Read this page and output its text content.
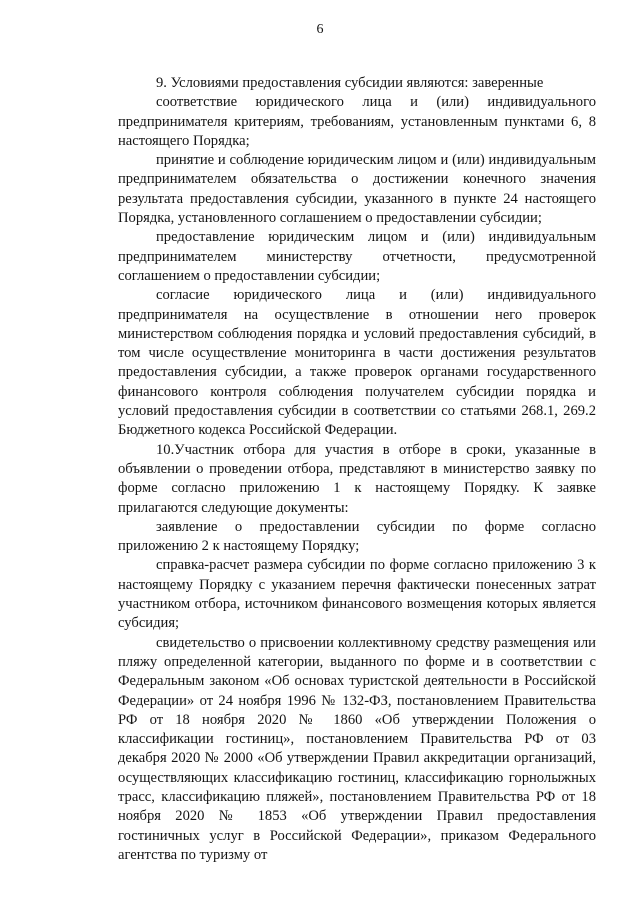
6

9. Условиями предоставления субсидии являются: заверенные

соответствие юридического лица и (или) индивидуального предпринимателя критериям, требованиям, установленным пунктами 6, 8 настоящего Порядка;

принятие и соблюдение юридическим лицом и (или) индивидуальным предпринимателем обязательства о достижении конечного значения результата предоставления субсидии, указанного в пункте 24 настоящего Порядка, установленного соглашением о предоставлении субсидии;

предоставление юридическим лицом и (или) индивидуальным предпринимателем министерству отчетности, предусмотренной соглашением о предоставлении субсидии;

согласие юридического лица и (или) индивидуального предпринимателя на осуществление в отношении него проверок министерством соблюдения порядка и условий предоставления субсидий, в том числе осуществление мониторинга в части достижения результатов предоставления субсидии, а также проверок органами государственного финансового контроля соблюдения получателем субсидии порядка и условий предоставления субсидии в соответствии со статьями 268.1, 269.2 Бюджетного кодекса Российской Федерации.

10.Участник отбора для участия в отборе в сроки, указанные в объявлении о проведении отбора, представляют в министерство заявку по форме согласно приложению 1 к настоящему Порядку. К заявке прилагаются следующие документы:

заявление о предоставлении субсидии по форме согласно приложению 2 к настоящему Порядку;

справка-расчет размера субсидии по форме согласно приложению 3 к настоящему Порядку с указанием перечня фактически понесенных затрат участником отбора, источником финансового возмещения которых является субсидия;

свидетельство о присвоении коллективному средству размещения или пляжу определенной категории, выданного по форме и в соответствии с Федеральным законом «Об основах туристской деятельности в Российской Федерации» от 24 ноября 1996 № 132-ФЗ, постановлением Правительства РФ от 18 ноября 2020 № 1860 «Об утверждении Положения о классификации гостиниц», постановлением Правительства РФ от 03 декабря 2020 № 2000 «Об утверждении Правил аккредитации организаций, осуществляющих классификацию гостиниц, классификацию горнолыжных трасс, классификацию пляжей», постановлением Правительства РФ от 18 ноября 2020 № 1853 «Об утверждении Правил предоставления гостиничных услуг в Российской Федерации», приказом Федерального агентства по туризму от
